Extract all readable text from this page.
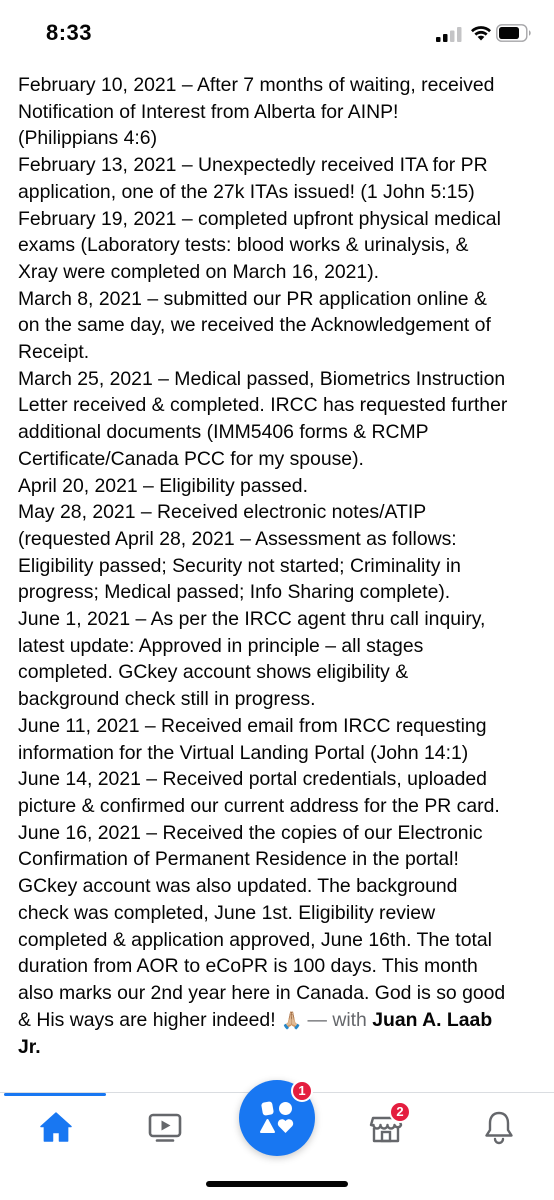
8:33
February 10, 2021 – After 7 months of waiting, received
Notification of Interest from Alberta for AINP!
(Philippians 4:6)
February 13, 2021 – Unexpectedly received ITA for PR
application, one of the 27k ITAs issued! (1 John 5:15)
February 19, 2021 – completed upfront physical medical
exams (Laboratory tests: blood works & urinalysis, &
Xray were completed on March 16, 2021).
March 8, 2021 – submitted our PR application online &
on the same day, we received the Acknowledgement of
Receipt.
March 25, 2021 – Medical passed, Biometrics Instruction
Letter received & completed. IRCC has requested further
additional documents (IMM5406 forms & RCMP
Certificate/Canada PCC for my spouse).
April 20, 2021 – Eligibility passed.
May 28, 2021 – Received electronic notes/ATIP
(requested April 28, 2021 – Assessment as follows:
Eligibility passed; Security not started; Criminality in
progress; Medical passed; Info Sharing complete).
June 1, 2021 – As per the IRCC agent thru call inquiry,
latest update: Approved in principle – all stages
completed. GCkey account shows eligibility &
background check still in progress.
June 11, 2021 – Received email from IRCC requesting
information for the Virtual Landing Portal (John 14:1)
June 14, 2021 – Received portal credentials, uploaded
picture & confirmed our current address for the PR card.
June 16, 2021 – Received the copies of our Electronic
Confirmation of Permanent Residence in the portal!
GCkey account was also updated. The background
check was completed, June 1st. Eligibility review
completed & application approved, June 16th. The total
duration from AOR to eCoPR is 100 days. This month
also marks our 2nd year here in Canada. God is so good
& His ways are higher indeed! 🙏🏼 — with Juan A. Laab
Jr.
1
2
